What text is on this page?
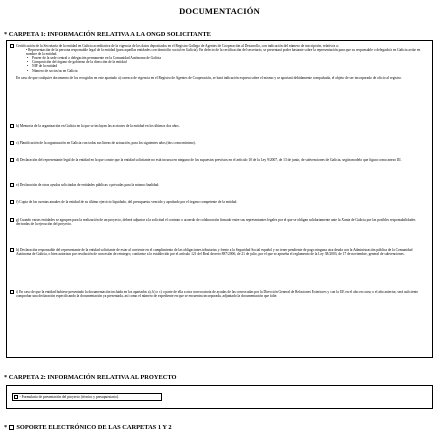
DOCUMENTACIÓN
* CARPETA 1: INFORMACIÓN RELATIVA A LA ONGD SOLICITANTE
Certificación de la Secretaría de la entidad en Galicia acreditativa de la vigencia de los datos depositados en el Registro Gallego de Agentes de Cooperación al Desarrollo, con indicación del número de inscripción, relativos a:
• Representación de la persona responsable legal de la entidad (para aquellas entidades con domicilio social en Galicia). En defecto de la certificación del secretario, se presentará poder bastante sobre la representación para que su responsable o delegado/a en Galicia actúe en nombre de la entidad.
• Poseer de la sede central o delegación permanente en la Comunidad Autónoma de Galicia
• Composición del órgano de gobierno de la dirección de la entidad
• NIF de la entidad
• Número de socios/as en Galicia
En caso de que cualquier documento de los recogidos en este apartado a) carezca de vigencia en el Registro de Agentes de Cooperación, se hará indicación expresa sobre el mismo y se aportará debidamente compulsada, el objeto de ser incorporado de oficio al registro.
b) Memoria de la organización en Galicia en la que se incluyan las acciones de la entidad en los últimos dos años.
c) Planificación de la organización en Galicia con todas sus líneas de actuación, para los siguientes años (dos como mínimo).
d) Declaración del representante legal de la entidad en la que conste que la entidad solicitante no está incursa en ninguno de los supuestos previstos en el artículo 10 de la Ley 9/2007, de 13 de junio, de subvenciones de Galicia, según modelo que figura como anexo III.
e) Declaración de otras ayudas solicitadas de entidades públicas o privadas para la misma finalidad.
f) Copia de las cuentas anuales de la entidad de su último ejercicio liquidado, del presupuesto vencido y aprobado por el órgano competente de la entidad.
g) Cuando varias entidades se agrupen para la realización de un proyecto, deberá adjuntar a la solicitud el contrato o acuerdo de colaboración firmado entre sus representantes legales por el que se obligan solidariamente ante la Xunta de Galicia por las posibles responsabilidades derivadas de la ejecución del proyecto.
h) Declaración responsable del representante de la entidad solicitante de estar al corriente en el cumplimiento de las obligaciones tributarias y frente a la Seguridad Social español y no tener pendiente de pago ninguna otra deuda con la Administración pública de la Comunidad Autónoma de Galicia, o bien autorizar por resolución de concesión de reintegro, conforme a lo establecido por el artículo 121 del Real decreto 887/2006, de 21 de julio, por el que se aprueba el reglamento de la Ley 38/2003, de 17 de noviembre, general de subvenciones.
i) En caso de que la entidad hubiese presentado la documentación incluida en los apartados a), b) o c) o parte de ella a otra convocatoria de ayudas de las convocadas por la Dirección General de Relaciones Exteriores y con la UE en el año en curso o el año anterior, será suficiente comprobar una declaración especificando la documentación ya presentada, así como el número de expediente en que se encuentra incorporada, adjuntado la documentación que falte.
* CARPETA 2: INFORMACIÓN RELATIVA AL PROYECTO
- Formulario de presentación del proyecto (técnico y presupuestario).
* SOPORTE ELECTRÓNICO DE LAS CARPETAS 1 Y 2
